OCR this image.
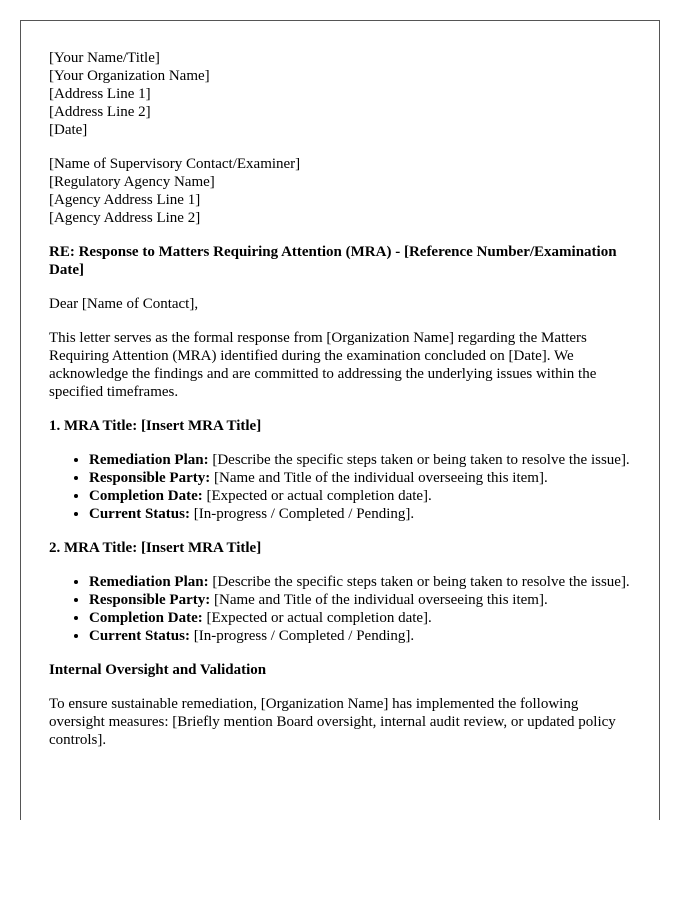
[Your Name/Title]
[Your Organization Name]
[Address Line 1]
[Address Line 2]
[Date]
[Name of Supervisory Contact/Examiner]
[Regulatory Agency Name]
[Agency Address Line 1]
[Agency Address Line 2]

RE: Response to Matters Requiring Attention (MRA) - [Reference Number/Examination Date]

Dear [Name of Contact],

This letter serves as the formal response from [Organization Name] regarding the Matters Requiring Attention (MRA) identified during the examination concluded on [Date]. We acknowledge the findings and are committed to addressing the underlying issues within the specified timeframes.

1. MRA Title: [Insert MRA Title]
• Remediation Plan: [Describe the specific steps taken or being taken to resolve the issue].
• Responsible Party: [Name and Title of the individual overseeing this item].
• Completion Date: [Expected or actual completion date].
• Current Status: [In-progress / Completed / Pending].
2. MRA Title: [Insert MRA Title]
• Remediation Plan: [Describe the specific steps taken or being taken to resolve the issue].
• Responsible Party: [Name and Title of the individual overseeing this item].
• Completion Date: [Expected or actual completion date].
• Current Status: [In-progress / Completed / Pending].
Internal Oversight and Validation

To ensure sustainable remediation, [Organization Name] has implemented the following oversight measures: [Briefly mention Board oversight, internal audit review, or updated policy controls].
